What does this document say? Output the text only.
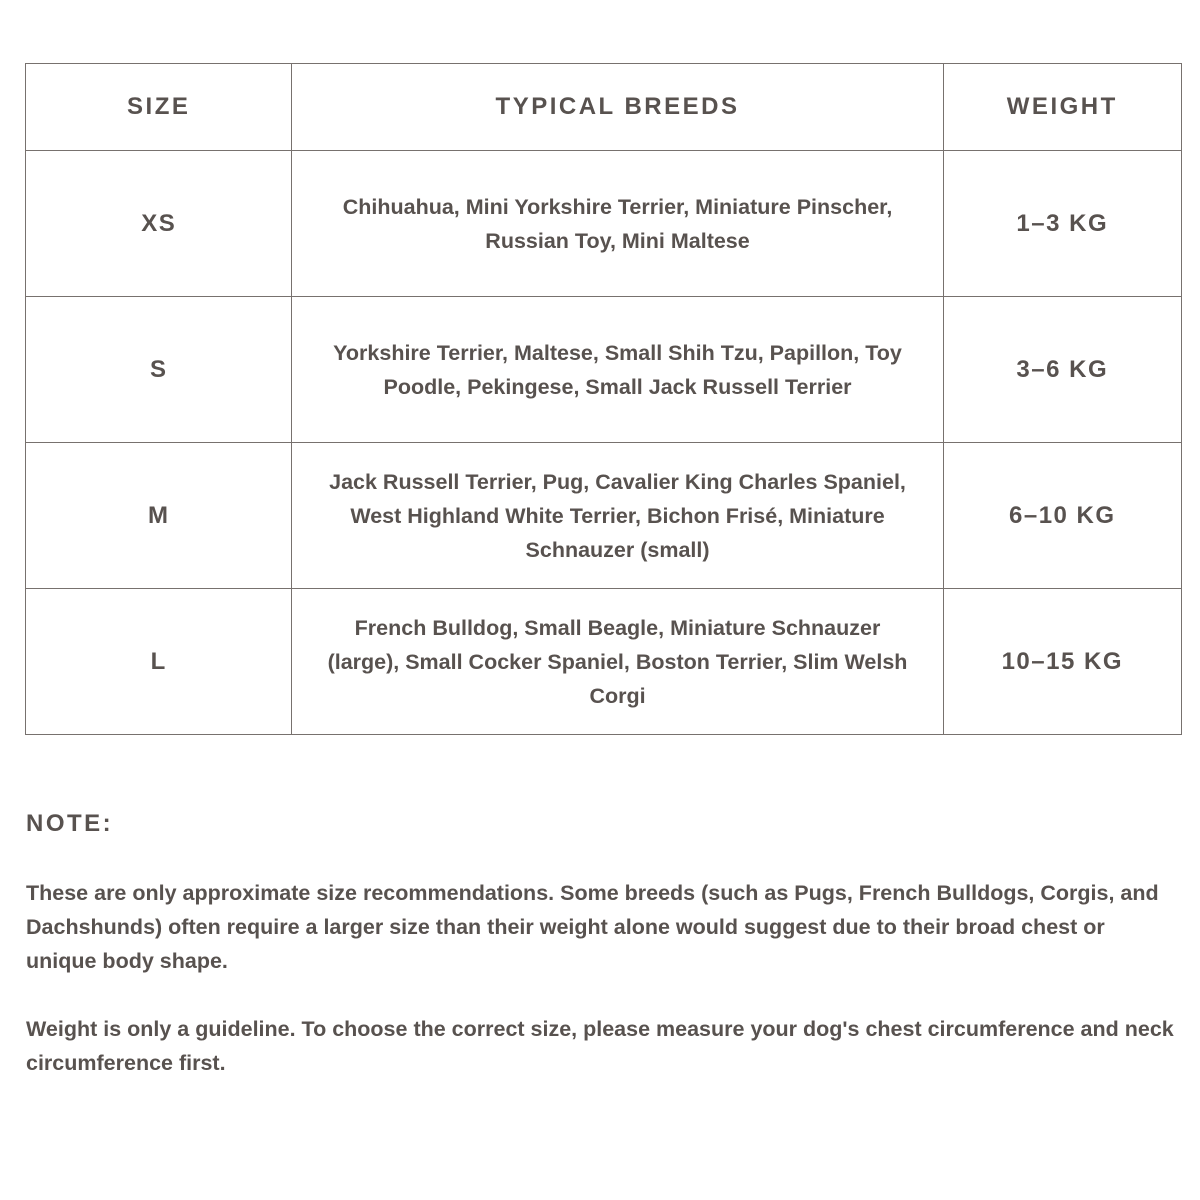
SIZE	TYPICAL BREEDS	WEIGHT
XS	Chihuahua, Mini Yorkshire Terrier, Miniature Pinscher, Russian Toy, Mini Maltese	1–3 KG
S	Yorkshire Terrier, Maltese, Small Shih Tzu, Papillon, Toy Poodle, Pekingese, Small Jack Russell Terrier	3–6 KG
M	Jack Russell Terrier, Pug, Cavalier King Charles Spaniel, West Highland White Terrier, Bichon Frisé, Miniature Schnauzer (small)	6–10 KG
L	French Bulldog, Small Beagle, Miniature Schnauzer (large), Small Cocker Spaniel, Boston Terrier, Slim Welsh Corgi	10–15 KG
NOTE:

These are only approximate size recommendations. Some breeds (such as Pugs, French Bulldogs, Corgis, and Dachshunds) often require a larger size than their weight alone would suggest due to their broad chest or unique body shape.

Weight is only a guideline. To choose the correct size, please measure your dog's chest circumference and neck circumference first.
